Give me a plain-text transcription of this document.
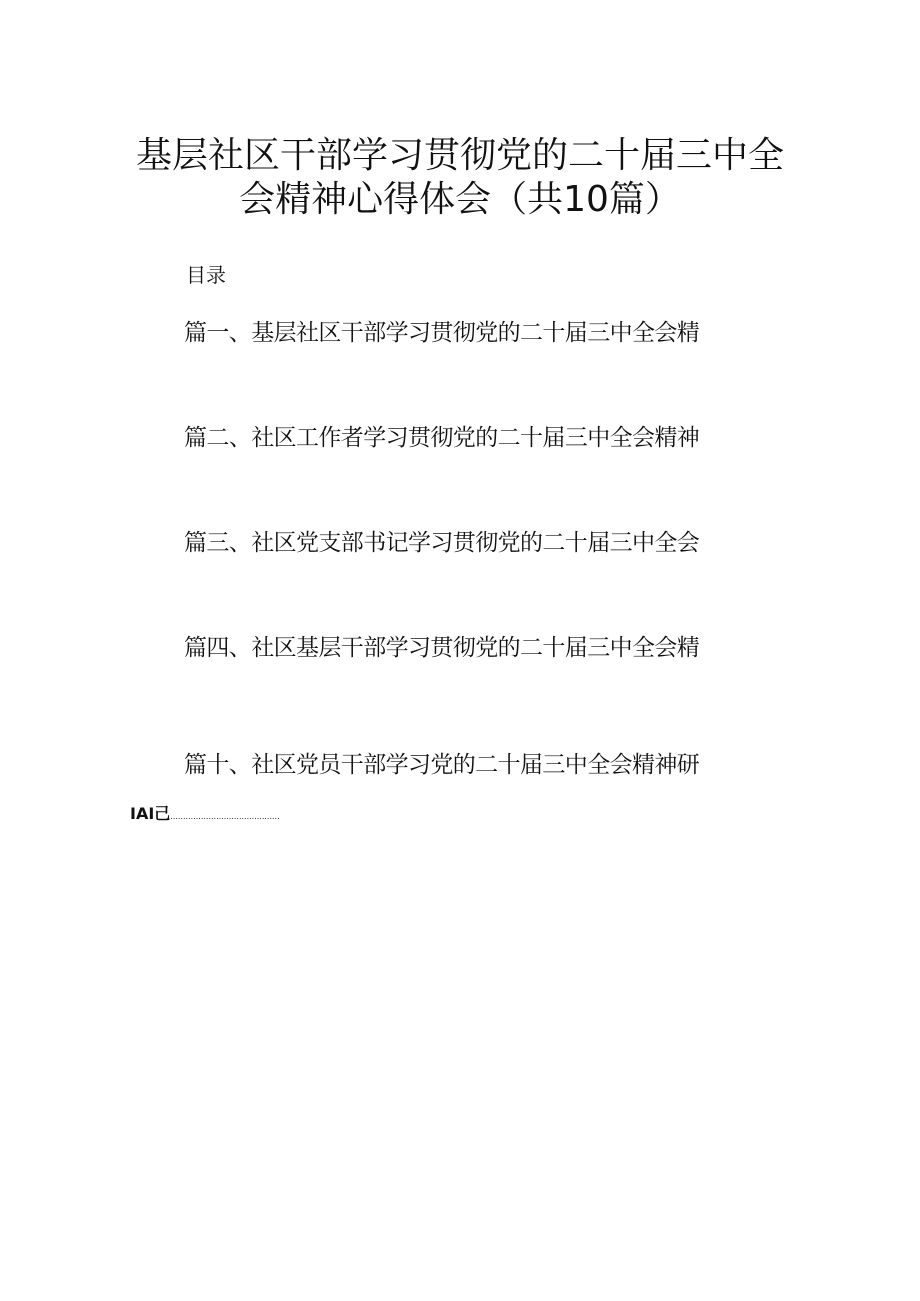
基层社区干部学习贯彻党的二十届三中全
会精神心得体会（共10篇）
目录
篇一、基层社区干部学习贯彻党的二十届三中全会精
篇二、社区工作者学习贯彻党的二十届三中全会精神
篇三、社区党支部书记学习贯彻党的二十届三中全会
篇四、社区基层干部学习贯彻党的二十届三中全会精
篇十、社区党员干部学习党的二十届三中全会精神研
IAI己...........................................
